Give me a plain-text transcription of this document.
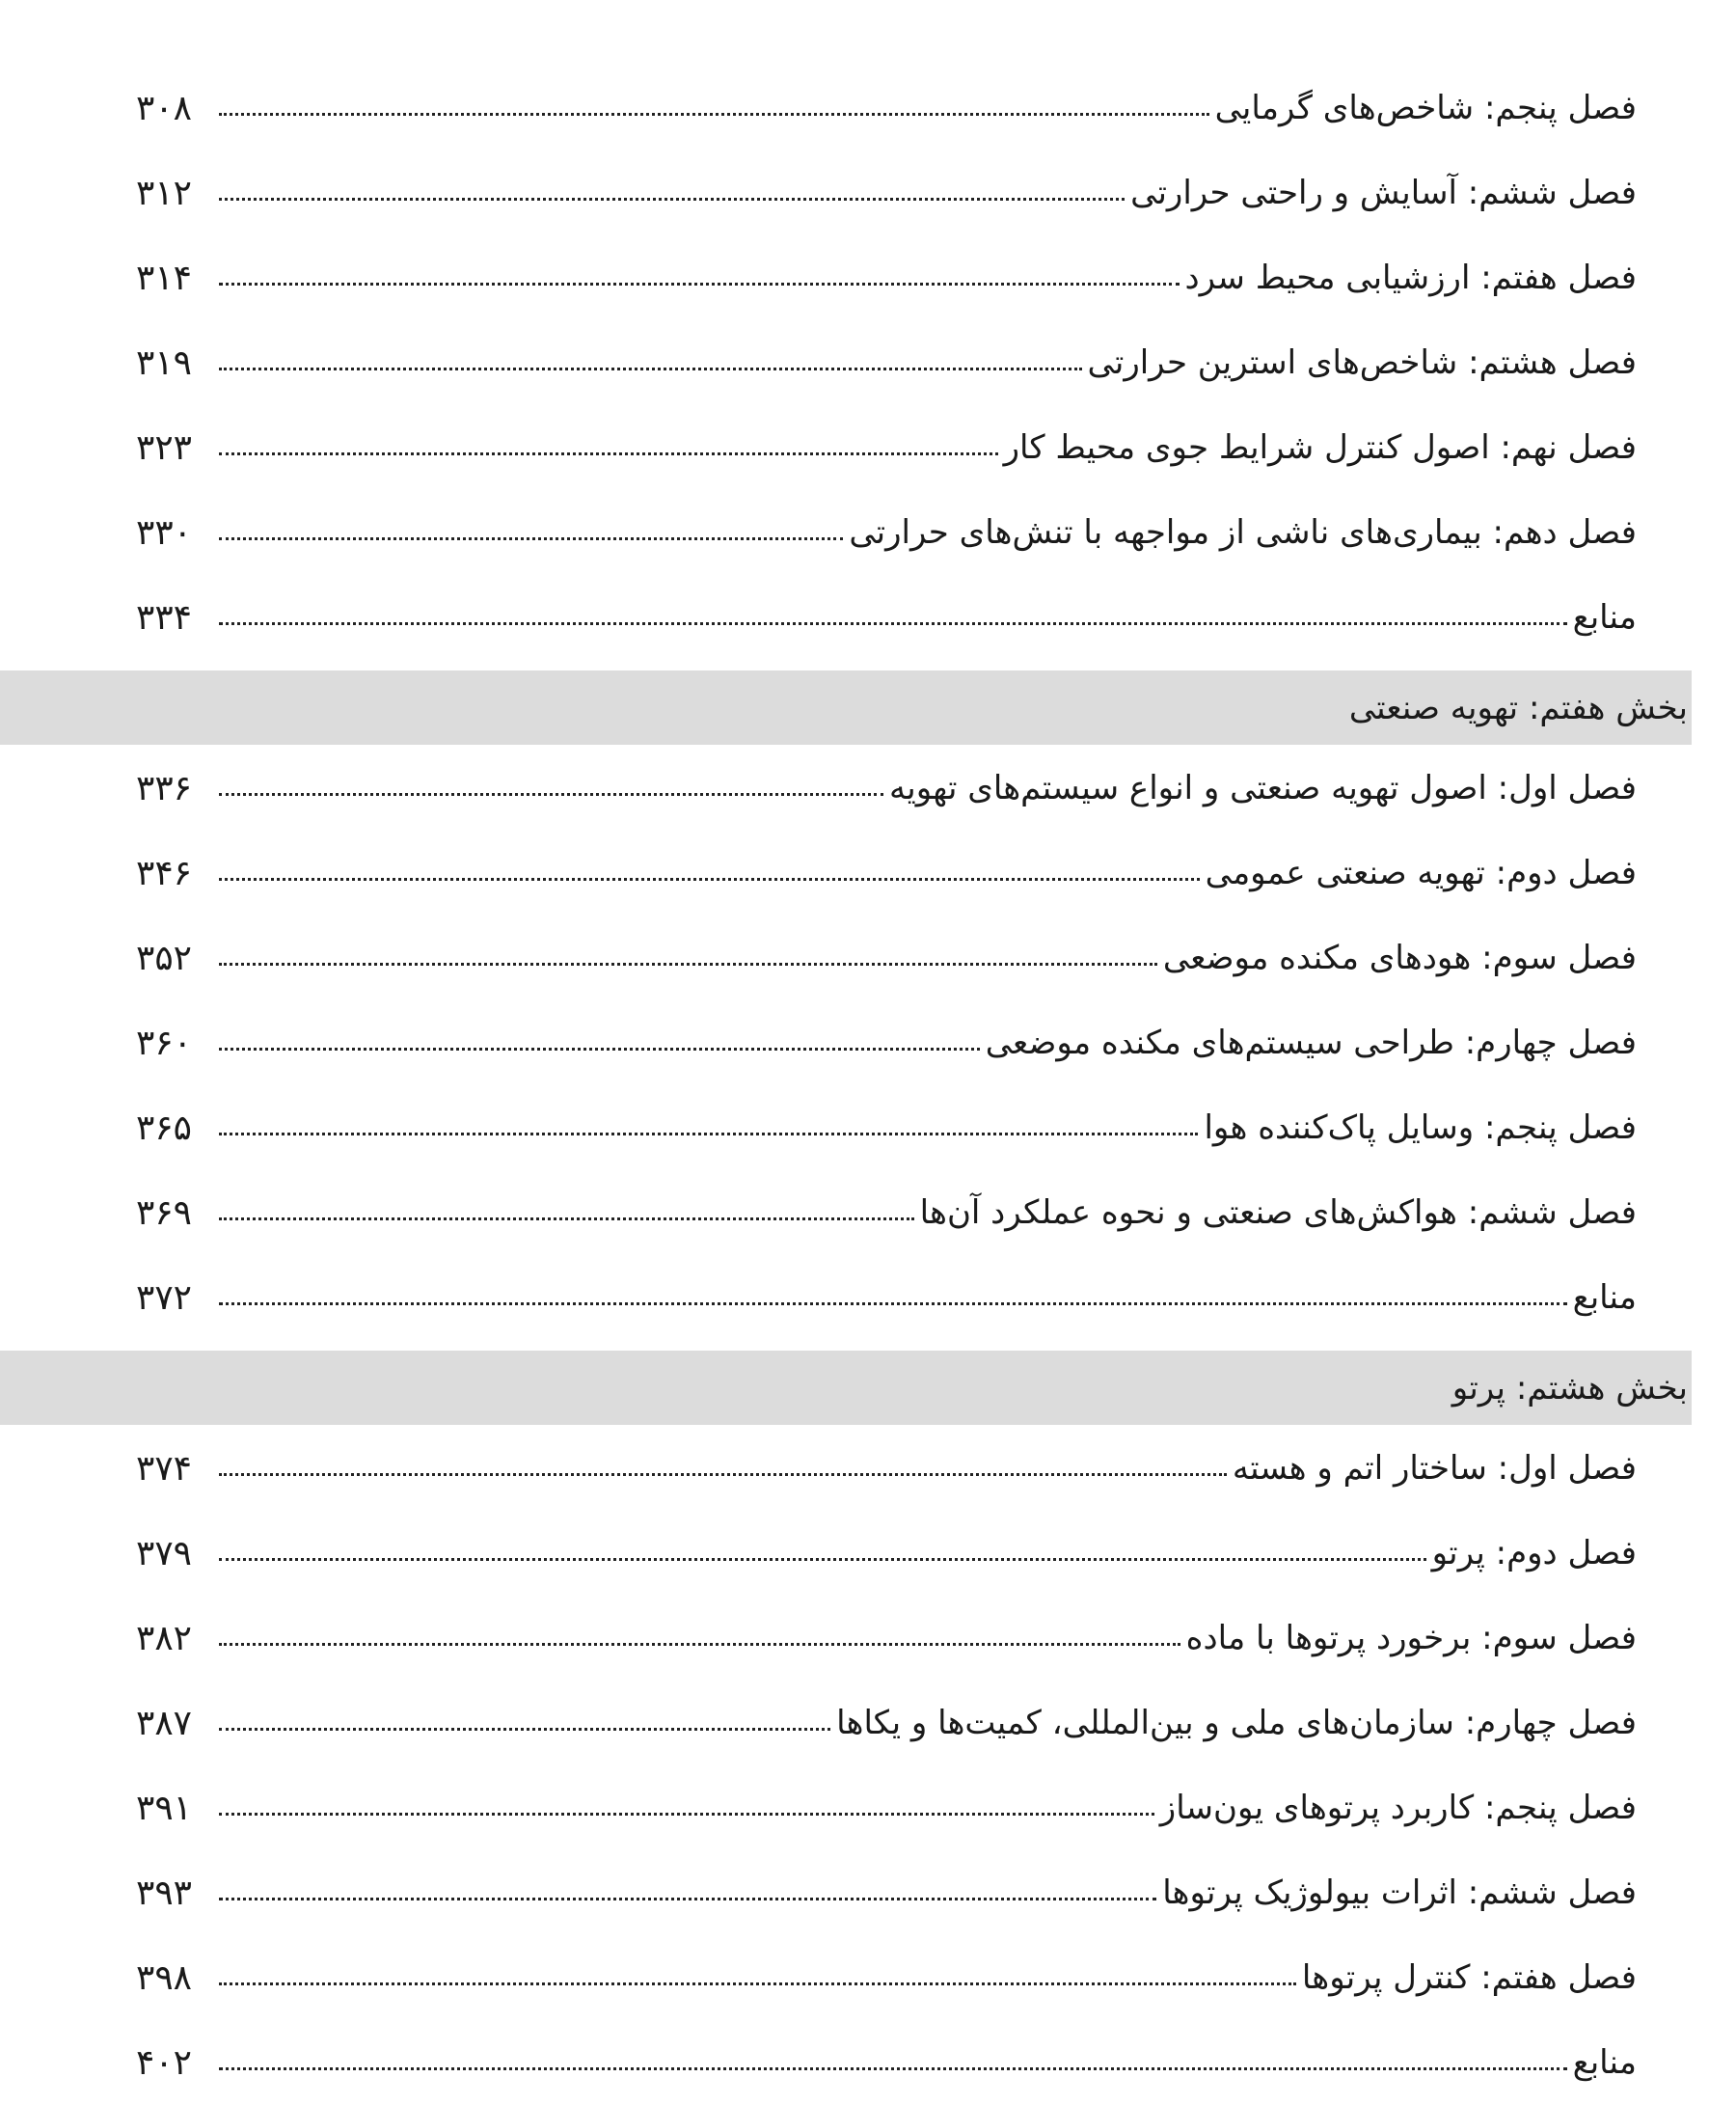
فصل پنجم: شاخص‌های گرمایی
۳۰۸
فصل ششم: آسایش و راحتی حرارتی
۳۱۲
فصل هفتم: ارزشیابی محیط سرد
۳۱۴
فصل هشتم: شاخص‌های استرین حرارتی
۳۱۹
فصل نهم: اصول کنترل شرایط جوی محیط کار
۳۲۳
فصل دهم: بیماری‌های ناشی از مواجهه با تنش‌های حرارتی
۳۳۰
منابع
۳۳۴
بخش هفتم: تهویه صنعتی
فصل اول: اصول تهویه صنعتی و انواع سیستم‌های تهویه
۳۳۶
فصل دوم: تهویه صنعتی عمومی
۳۴۶
فصل سوم: هودهای مکنده موضعی
۳۵۲
فصل چهارم: طراحی سیستم‌های مکنده موضعی
۳۶۰
فصل پنجم: وسایل پاک‌کننده هوا
۳۶۵
فصل ششم: هواکش‌های صنعتی و نحوه عملکرد آن‌ها
۳۶۹
منابع
۳۷۲
بخش هشتم: پرتو
فصل اول: ساختار اتم و هسته
۳۷۴
فصل دوم: پرتو
۳۷۹
فصل سوم: برخورد پرتوها با ماده
۳۸۲
فصل چهارم: سازمان‌های ملی و بین‌المللی، کمیت‌ها و یکاها
۳۸۷
فصل پنجم: کاربرد پرتوهای یون‌ساز
۳۹۱
فصل ششم: اثرات بیولوژیک پرتوها
۳۹۳
فصل هفتم: کنترل پرتوها
۳۹۸
منابع
۴۰۲
